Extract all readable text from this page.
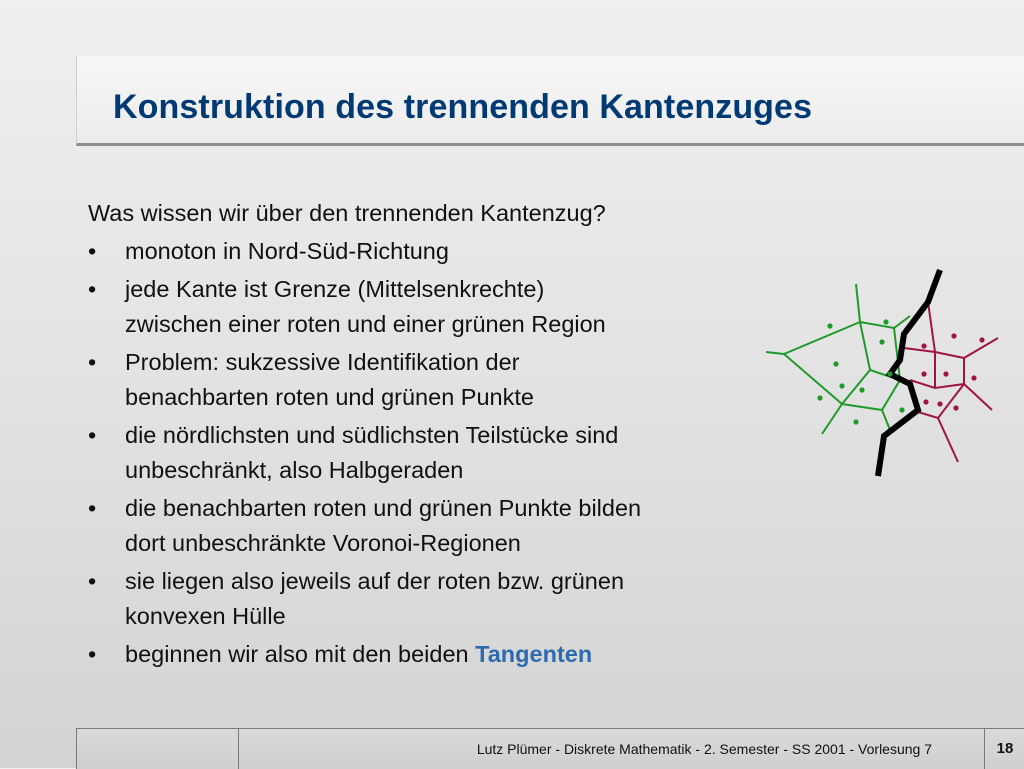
Konstruktion des trennenden Kantenzuges

Was wissen wir über den trennenden Kantenzug?

• monoton in Nord-Süd-Richtung
• jede Kante ist Grenze (Mittelsenkrechte)
zwischen einer roten und einer grünen Region
• Problem: sukzessive Identifikation der
benachbarten roten und grünen Punkte
• die nördlichsten und südlichsten Teilstücke sind
unbeschränkt, also Halbgeraden
• die benachbarten roten und grünen Punkte bilden
dort unbeschränkte Voronoi-Regionen
• sie liegen also jeweils auf der roten bzw. grünen
konvexen Hülle
• beginnen wir also mit den beiden Tangenten
Lutz Plümer - Diskrete Mathematik - 2. Semester - SS 2001 - Vorlesung 7	18
